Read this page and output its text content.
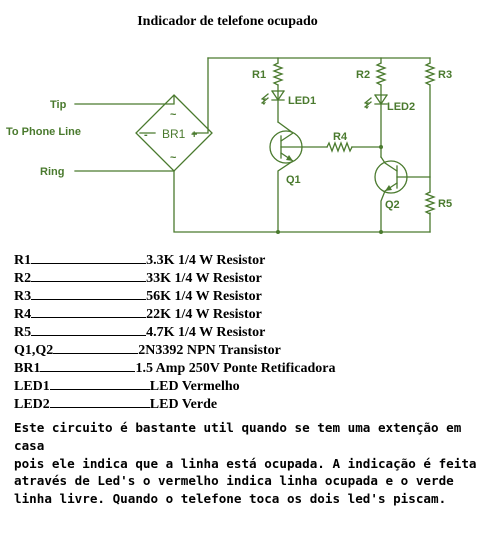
Indicador de telefone ocupado
Tip
To Phone Line
Ring
BR1
-	+
~
~
R1	R2	R3
R4
R5
LED1	LED2
Q1
Q2
R1	3.3K 1/4 W Resistor
R2	33K 1/4 W Resistor
R3	56K 1/4 W Resistor
R4	22K 1/4 W Resistor
R5	4.7K 1/4 W Resistor
Q1,Q2	2N3392 NPN Transistor
BR1	1.5 Amp 250V Ponte Retificadora
LED1	LED Vermelho
LED2	LED Verde

Este circuito é bastante util quando se tem uma extenção em casa
pois ele indica que a linha está ocupada. A indicação é feita
através de Led's o vermelho indica linha ocupada e o verde
linha livre. Quando o telefone toca os dois led's piscam.
